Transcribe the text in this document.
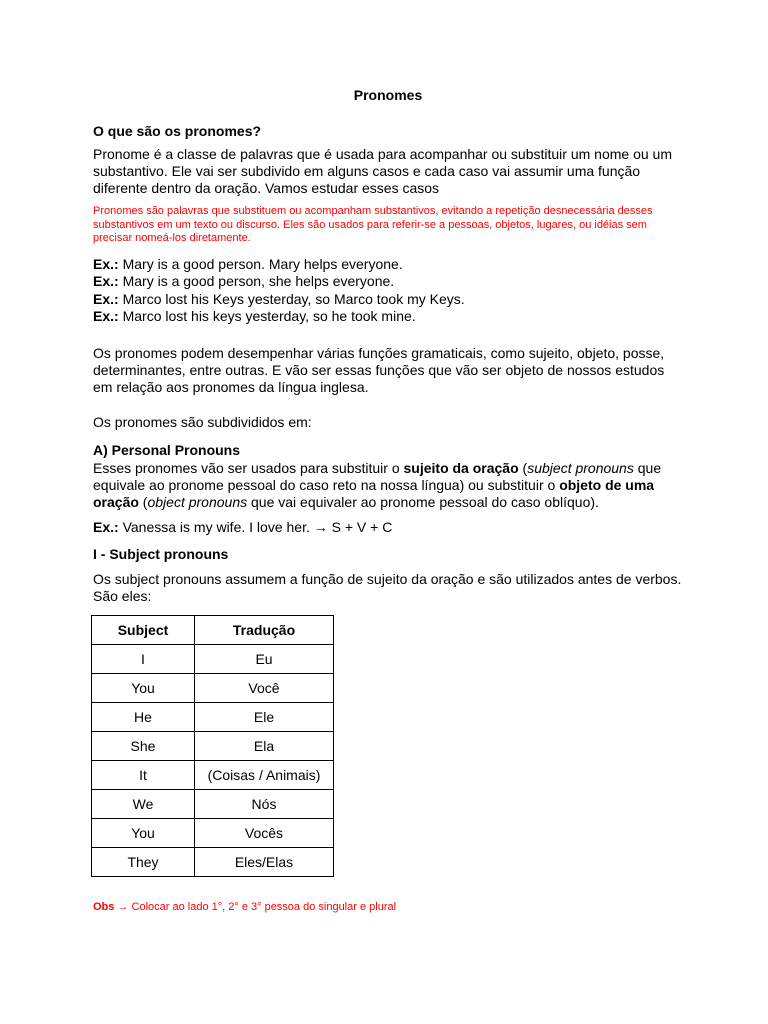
Pronomes
O que são os pronomes?
Pronome é a classe de palavras que é usada para acompanhar ou substituir um nome ou um substantivo. Ele vai ser subdivido em alguns casos e cada caso vai assumir uma função diferente dentro da oração. Vamos estudar esses casos
Pronomes são palavras que substituem ou acompanham substantivos, evitando a repetição desnecessária desses substantivos em um texto ou discurso. Eles são usados para referir-se a pessoas, objetos, lugares, ou idéias sem precisar nomeá-los diretamente.
Ex.: Mary is a good person. Mary helps everyone.
Ex.: Mary is a good person, she helps everyone.
Ex.: Marco lost his Keys yesterday, so Marco took my Keys.
Ex.: Marco lost his keys yesterday, so he took mine.
Os pronomes podem desempenhar várias funções gramaticais, como sujeito, objeto, posse, determinantes, entre outras. E vão ser essas funções que vão ser objeto de nossos estudos em relação aos pronomes da língua inglesa.
Os pronomes são subdivididos em:
A) Personal Pronouns
Esses pronomes vão ser usados para substituir o sujeito da oração (subject pronouns que equivale ao pronome pessoal do caso reto na nossa língua) ou substituir o objeto de uma oração (object pronouns que vai equivaler ao pronome pessoal do caso oblíquo).
Ex.: Vanessa is my wife. I love her. → S + V + C
I - Subject pronouns
Os subject pronouns assumem a função de sujeito da oração e são utilizados antes de verbos. São eles:
Subject	Tradução
I	Eu
You	Você
He	Ele
She	Ela
It	(Coisas / Animais)
We	Nós
You	Vocês
They	Eles/Elas
Obs → Colocar ao lado 1°, 2° e 3° pessoa do singular e plural
